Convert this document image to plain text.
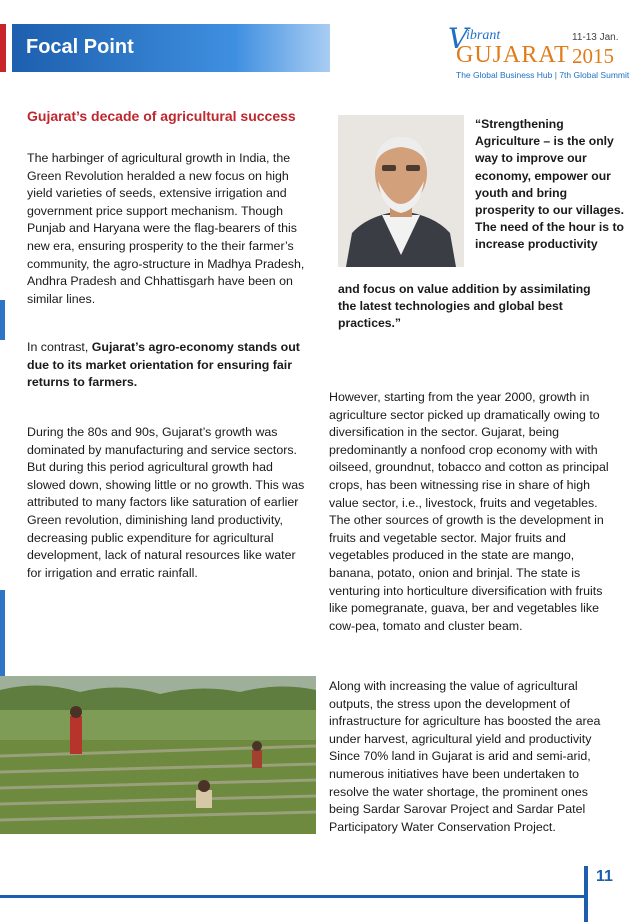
Focal Point	V
ibrant
GUJARAT
11-13 Jan.
2015
The Global Business Hub | 7th Global Summit
Gujarat’s decade of agricultural success

The harbinger of agricultural growth in India, the Green Revolution heralded a new focus on high yield varieties of seeds, extensive irrigation and government price support mechanism. Though Punjab and Haryana were the flag-bearers of this new era, ensuring prosperity to the their farmer’s community, the agro-structure in Madhya Pradesh, Andhra Pradesh and Chhattisgarh have been on similar lines.

In contrast, Gujarat’s agro-economy stands out due to its market orientation for ensuring fair returns to farmers.

During the 80s and 90s, Gujarat’s growth was dominated by manufacturing and service sectors. But during this period agricultural growth had slowed down, showing little or no growth. This was attributed to many factors like saturation of earlier Green revolution, diminishing land productivity, decreasing public expenditure for agricultural development, lack of natural resources like water for irrigation and erratic rainfall.

“Strengthening Agriculture – is the only way to improve our economy, empower our youth and bring prosperity to our villages. The need of the hour is to increase productivity

and focus on value addition by assimilating the latest technologies and global best practices.”

However, starting from the year 2000, growth in agriculture sector picked up dramatically owing to diversification in the sector. Gujarat, being predominantly a nonfood crop economy with with oilseed, groundnut, tobacco and cotton as principal crops, has been witnessing rise in share of high value sector, i.e., livestock, fruits and vegetables. The other sources of growth is the development in fruits and vegetable sector. Major fruits and vegetables produced in the state are mango, banana, potato, onion and brinjal. The state is venturing into horticulture diversification with fruits like pomegranate, guava, ber and vegetables like cow-pea, tomato and cluster beam.

Along with increasing the value of agricultural outputs, the stress upon the development of infrastructure for agriculture has boosted the area under harvest, agricultural yield and productivity Since 70% land in Gujarat is arid and semi-arid, numerous initiatives have been undertaken to resolve the water shortage, the prominent ones being Sardar Sarovar Project and Sardar Patel Participatory Water Conservation Project.

11
